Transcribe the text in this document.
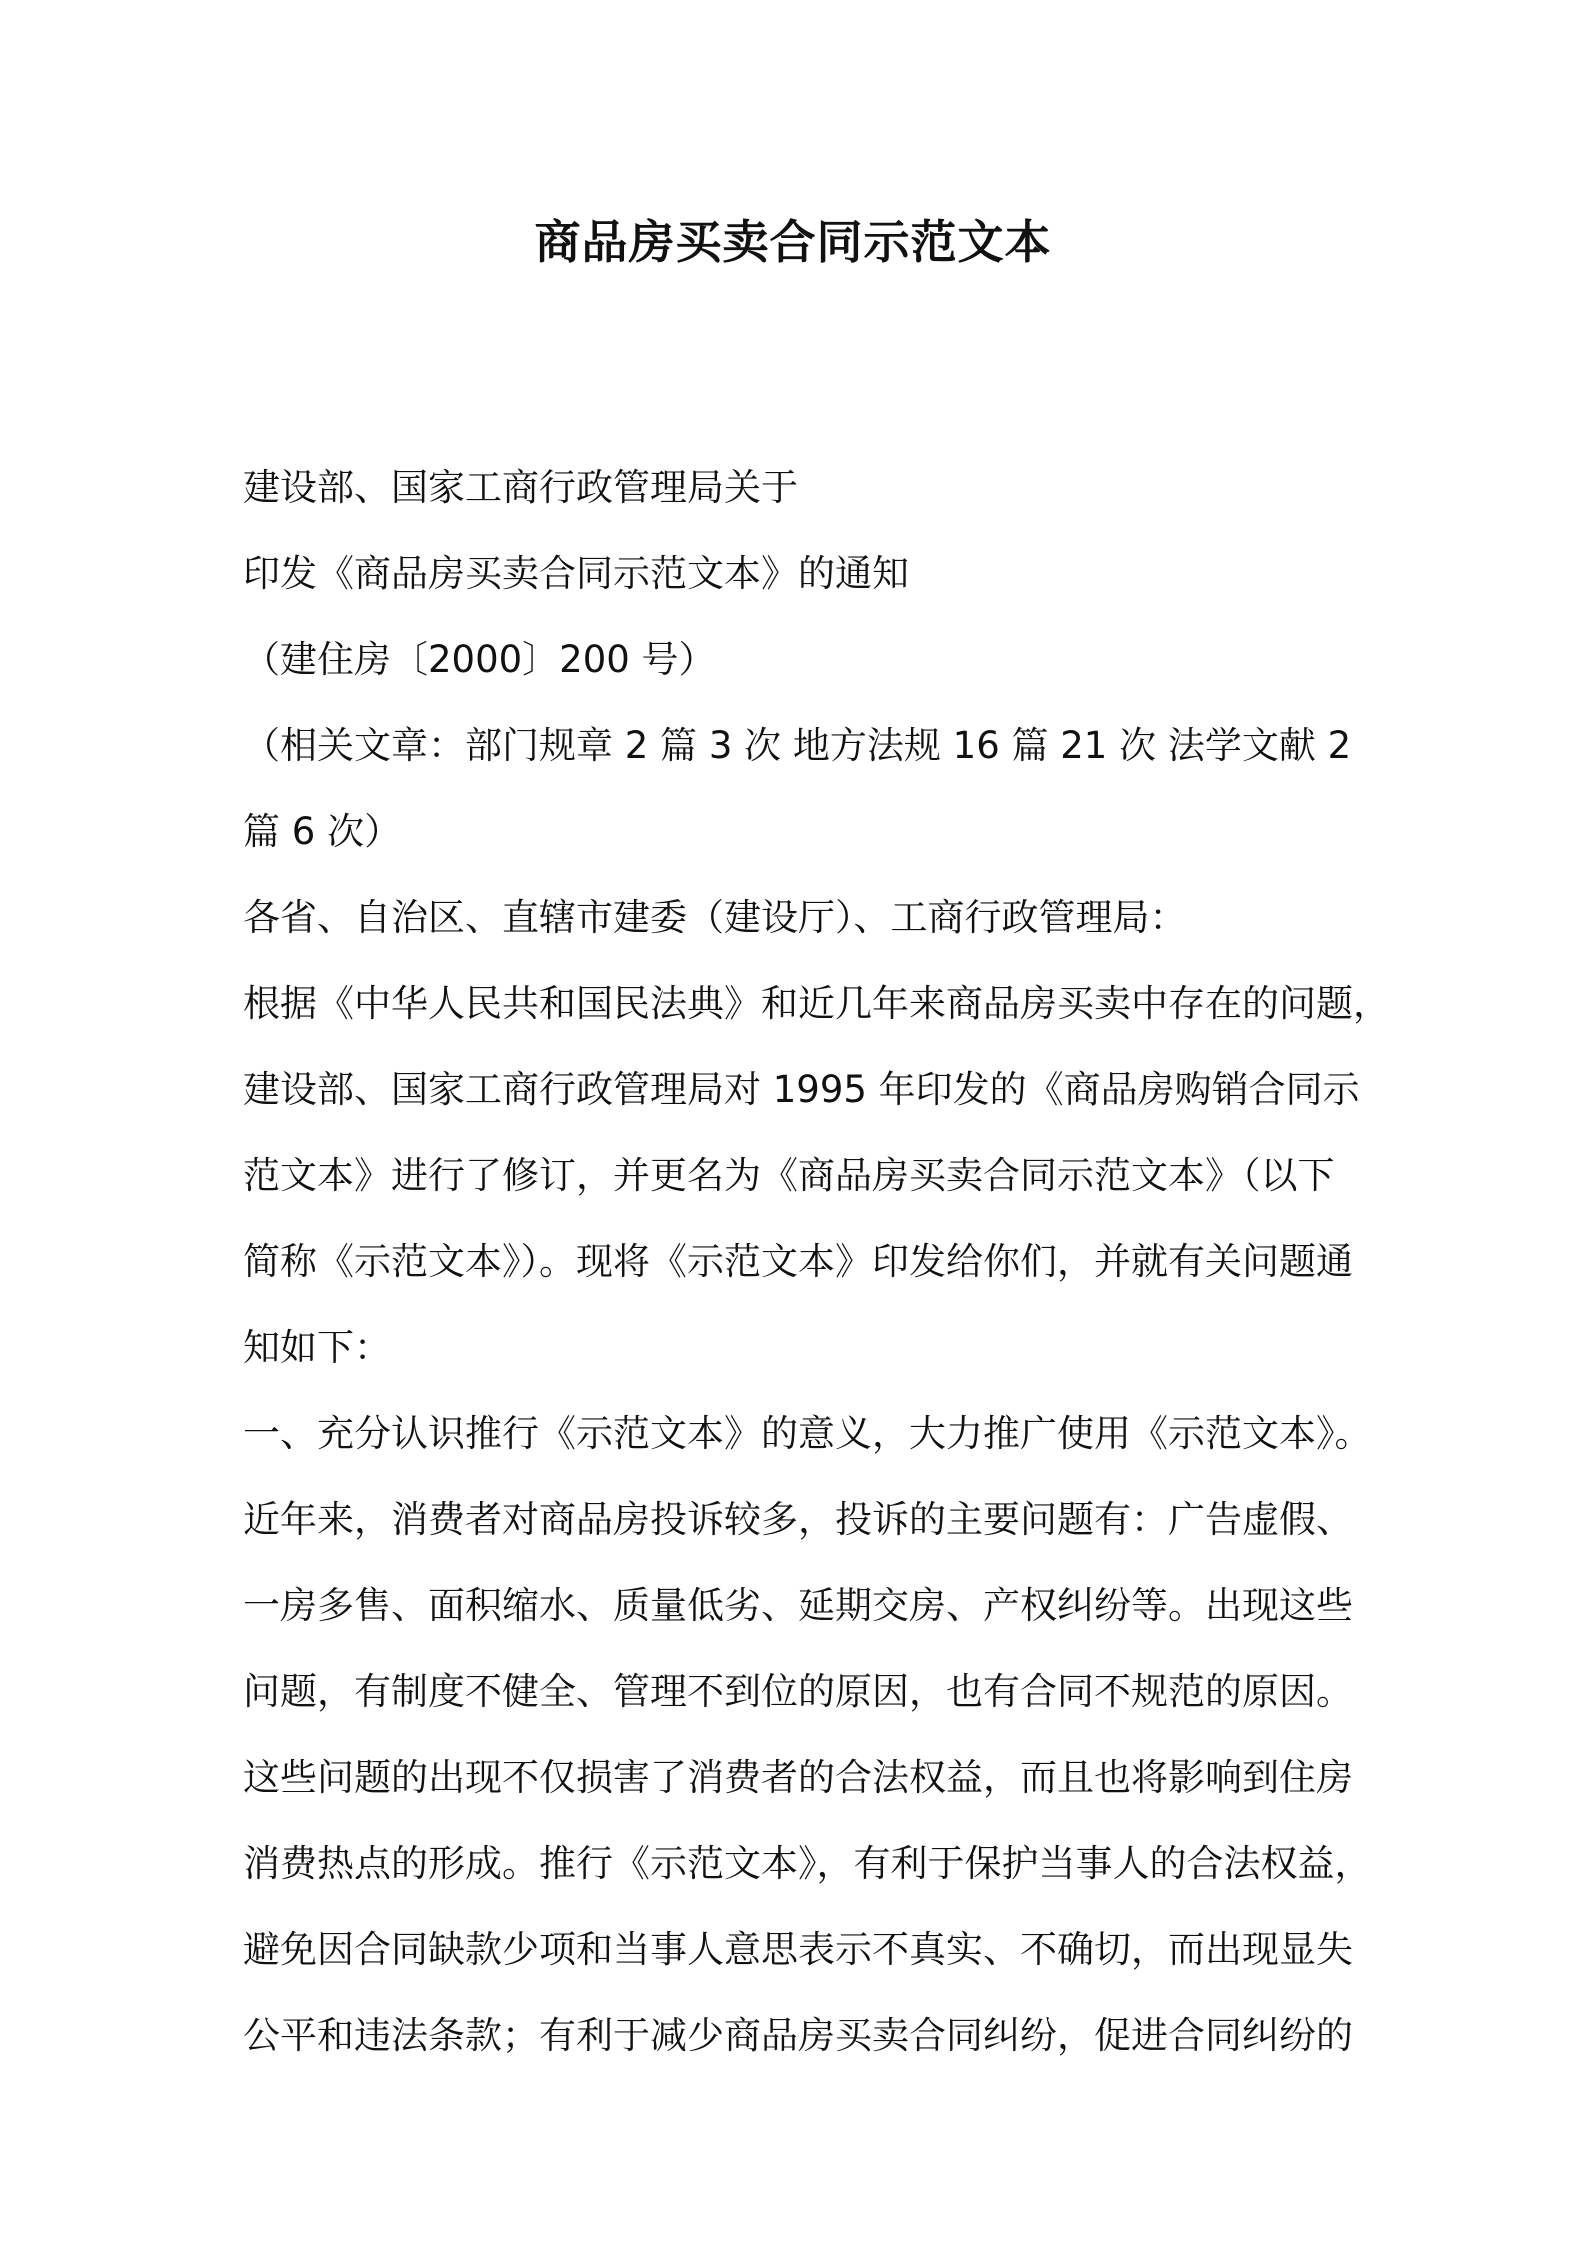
商品房买卖合同示范文本
建设部、国家工商行政管理局关于
印发《商品房买卖合同示范文本》的通知
（建住房〔2000〕200 号）
（相关文章：部门规章 2 篇 3 次 地方法规 16 篇 21 次 法学文献 2
篇 6 次）
各省、自治区、直辖市建委（建设厅）、工商行政管理局：
根据《中华人民共和国民法典》和近几年来商品房买卖中存在的问题，
建设部、国家工商行政管理局对 1995 年印发的《商品房购销合同示
范文本》进行了修订，并更名为《商品房买卖合同示范文本》（以下
简称《示范文本》）。现将《示范文本》印发给你们，并就有关问题通
知如下：
一、充分认识推行《示范文本》的意义，大力推广使用《示范文本》。
近年来，消费者对商品房投诉较多，投诉的主要问题有：广告虚假、
一房多售、面积缩水、质量低劣、延期交房、产权纠纷等。出现这些
问题，有制度不健全、管理不到位的原因，也有合同不规范的原因。
这些问题的出现不仅损害了消费者的合法权益，而且也将影响到住房
消费热点的形成。推行《示范文本》，有利于保护当事人的合法权益，
避免因合同缺款少项和当事人意思表示不真实、不确切，而出现显失
公平和违法条款；有利于减少商品房买卖合同纠纷，促进合同纠纷的
